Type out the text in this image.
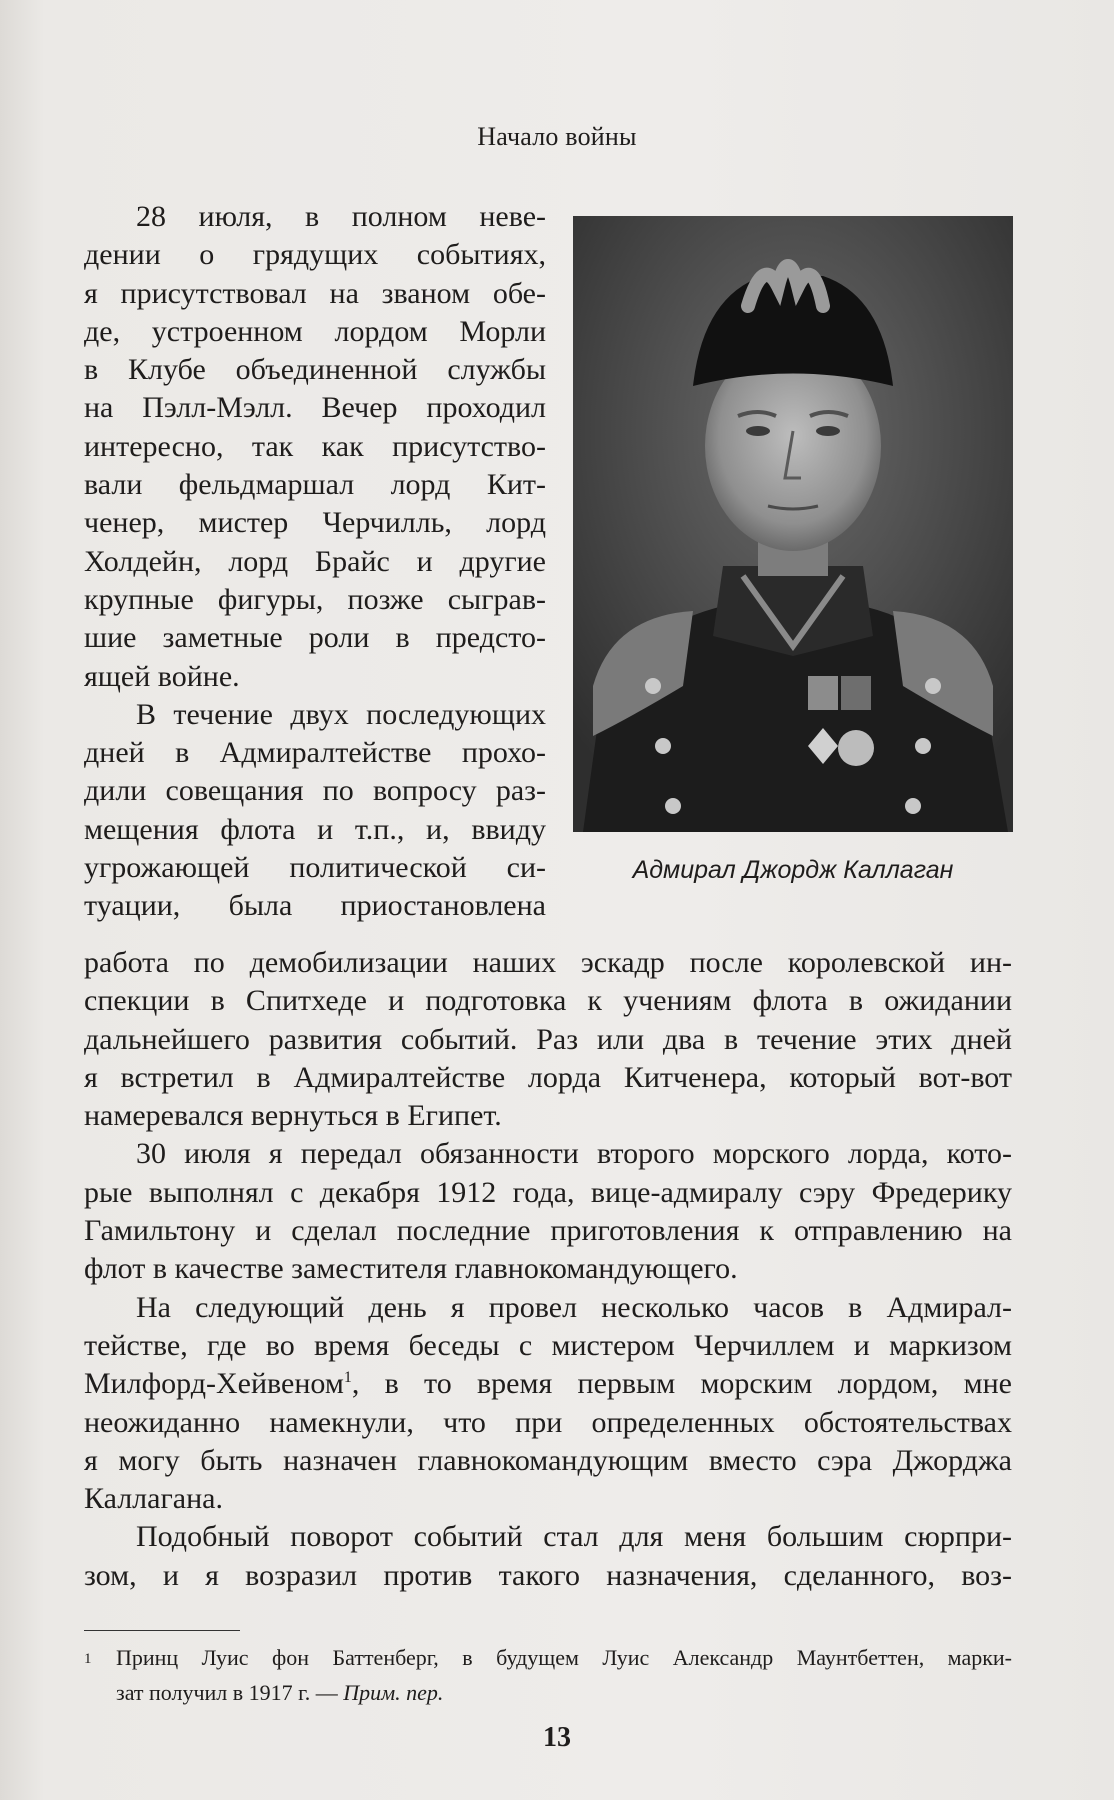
Начало войны
28 июля, в полном неве-
дении о грядущих событиях,
я присутствовал на званом обе-
де, устроенном лордом Морли
в Клубе объединенной службы
на Пэлл-Мэлл. Вечер проходил
интересно, так как присутство-
вали фельдмаршал лорд Кит-
ченер, мистер Черчилль, лорд
Холдейн, лорд Брайс и другие
крупные фигуры, позже сыграв-
шие заметные роли в предсто-
ящей войне.
В течение двух последующих
дней в Адмиралтействе прохо-
дили совещания по вопросу раз-
мещения флота и т.п., и, ввиду
угрожающей политической си-
туации, была приостановлена
Адмирал Джордж Каллаган
работа по демобилизации наших эскадр после королевской ин-
спекции в Спитхеде и подготовка к учениям флота в ожидании
дальнейшего развития событий. Раз или два в течение этих дней
я встретил в Адмиралтействе лорда Китченера, который вот-вот
намеревался вернуться в Египет.
30 июля я передал обязанности второго морского лорда, кото-
рые выполнял с декабря 1912 года, вице-адмиралу сэру Фредерику
Гамильтону и сделал последние приготовления к отправлению на
флот в качестве заместителя главнокомандующего.
На следующий день я провел несколько часов в Адмирал-
тействе, где во время беседы с мистером Черчиллем и маркизом
Милфорд-Хейвеном$^1$, в то время первым морским лордом, мне
неожиданно намекнули, что при определенных обстоятельствах
я могу быть назначен главнокомандующим вместо сэра Джорджа
Каллагана.
Подобный поворот событий стал для меня большим сюрпри-
зом, и я возразил против такого назначения, сделанного, воз-
1	Принц Луис фон Баттенберг, в будущем Луис Александр Маунтбеттен, марки-
зат получил в 1917 г. — Прим. пер.
13
